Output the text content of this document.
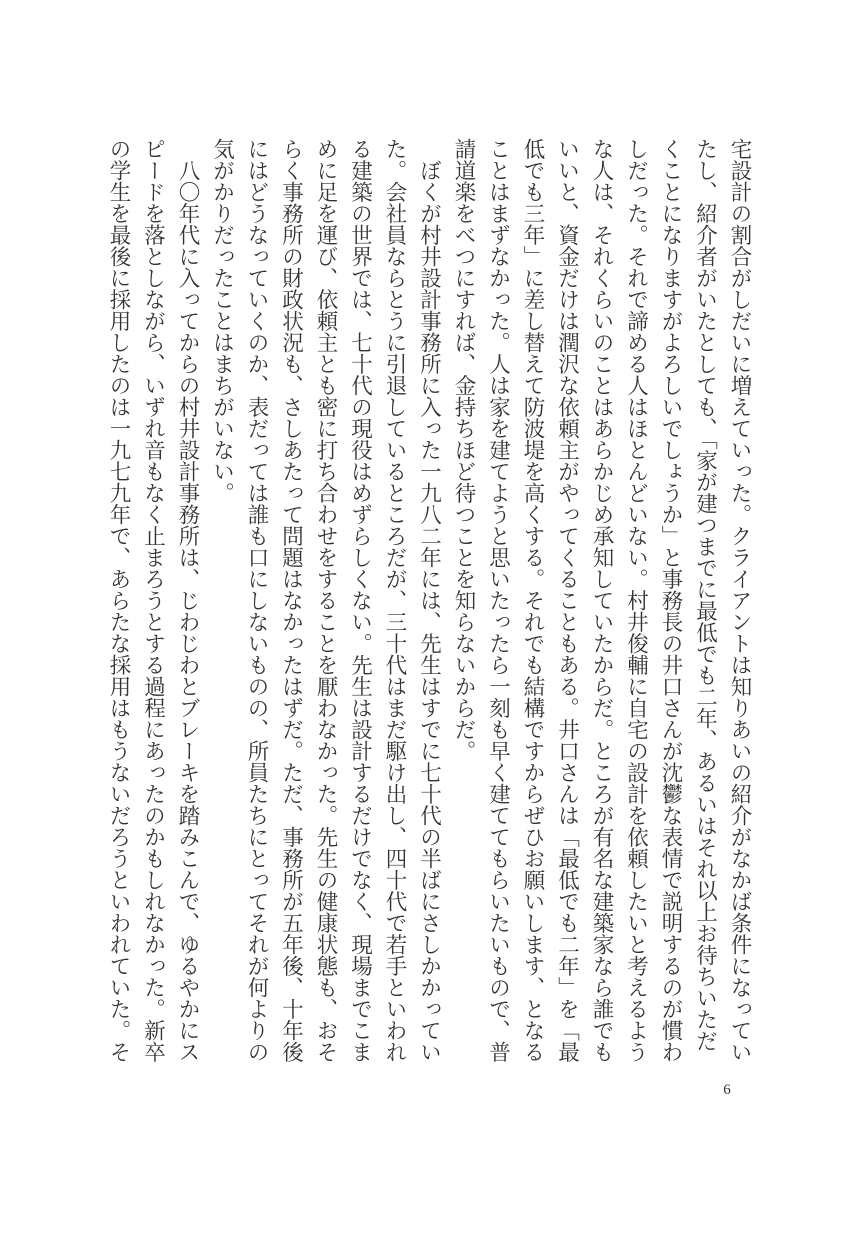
宅設計の割合がしだいに増えていった。クライアントは知りあいの紹介がなかば条件になってい
たし、紹介者がいたとしても、「家が建つまでに最低でも二年、あるいはそれ以上お待ちいただ
くことになりますがよろしいでしょうか」と事務長の井口さんが沈鬱な表情で説明するのが慣わ
しだった。それで諦める人はほとんどいない。村井俊輔に自宅の設計を依頼したいと考えるよう
な人は、それくらいのことはあらかじめ承知していたからだ。ところが有名な建築家なら誰でも
いいと、資金だけは潤沢な依頼主がやってくることもある。井口さんは「最低でも二年」を「最
低でも三年」に差し替えて防波堤を高くする。それでも結構ですからぜひお願いします、となる
ことはまずなかった。人は家を建てようと思いたったら一刻も早く建ててもらいたいもので、普
請道楽をべつにすれば、金持ちほど待つことを知らないからだ。
　ぼくが村井設計事務所に入った一九八二年には、先生はすでに七十代の半ばにさしかかってい
た。会社員ならとうに引退しているところだが、三十代はまだ駆け出し、四十代で若手といわれ
る建築の世界では、七十代の現役はめずらしくない。先生は設計するだけでなく、現場までこま
めに足を運び、依頼主とも密に打ち合わせをすることを厭わなかった。先生の健康状態も、おそ
らく事務所の財政状況も、さしあたって問題はなかったはずだ。ただ、事務所が五年後、十年後
にはどうなっていくのか、表だっては誰も口にしないものの、所員たちにとってそれが何よりの
気がかりだったことはまちがいない。
　八〇年代に入ってからの村井設計事務所は、じわじわとブレーキを踏みこんで、ゆるやかにス
ピードを落としながら、いずれ音もなく止まろうとする過程にあったのかもしれなかった。新卒
の学生を最後に採用したのは一九七九年で、あらたな採用はもうないだろうといわれていた。そ
6
